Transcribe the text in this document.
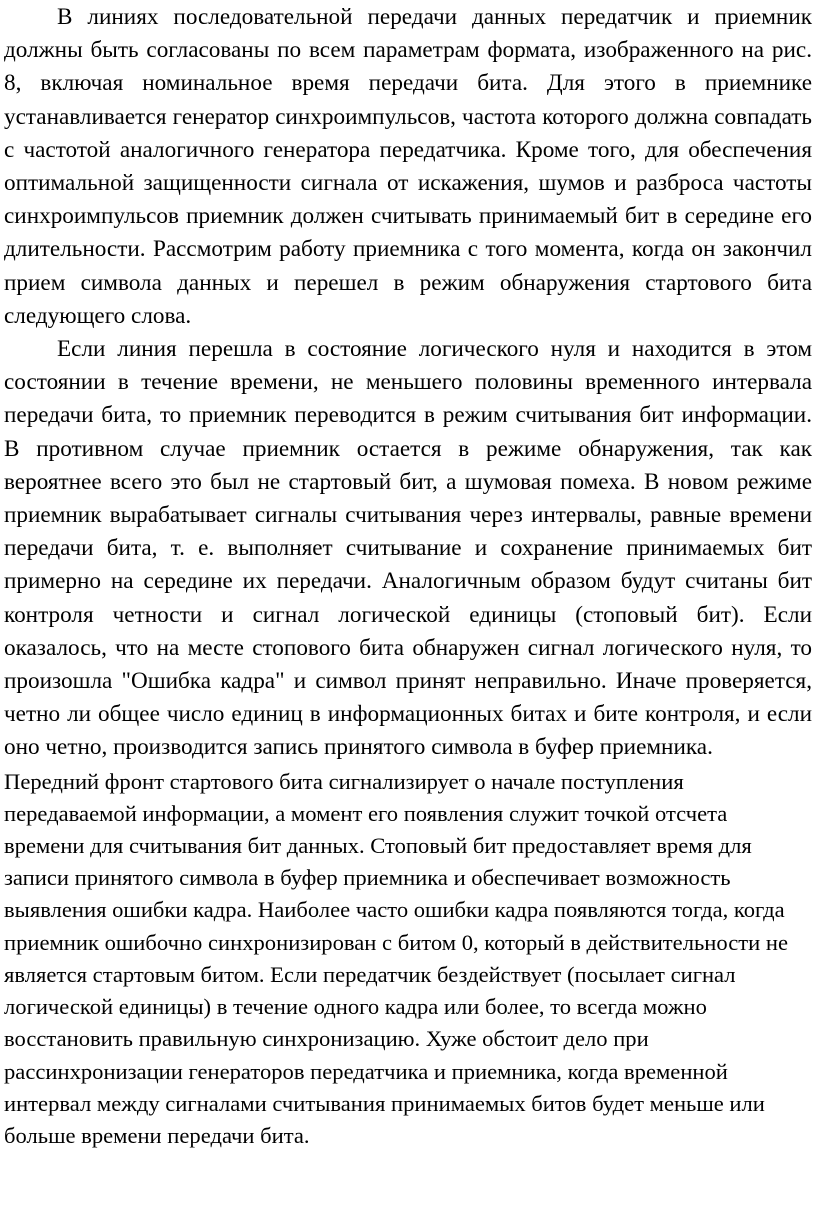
В линиях последовательной передачи данных передатчик и приемник должны быть согласованы по всем параметрам формата, изображенного на рис. 8, включая номинальное время передачи бита. Для этого в приемнике устанавливается генератор синхроимпульсов, частота которого должна совпадать с частотой аналогичного генератора передатчика. Кроме того, для обеспечения оптимальной защищенности сигнала от искажения, шумов и разброса частоты синхроимпульсов приемник должен считывать принимаемый бит в середине его длительности. Рассмотрим работу приемника с того момента, когда он закончил прием символа данных и перешел в режим обнаружения стартового бита следующего слова.

Если линия перешла в состояние логического нуля и находится в этом состоянии в течение времени, не меньшего половины временного интервала передачи бита, то приемник переводится в режим считывания бит информации. В противном случае приемник остается в режиме обнаружения, так как вероятнее всего это был не стартовый бит, а шумовая помеха. В новом режиме приемник вырабатывает сигналы считывания через интервалы, равные времени передачи бита, т. е. выполняет считывание и сохранение принимаемых бит примерно на середине их передачи. Аналогичным образом будут считаны бит контроля четности и сигнал логической единицы (стоповый бит). Если оказалось, что на месте стопового бита обнаружен сигнал логического нуля, то произошла "Ошибка кадра" и символ принят неправильно. Иначе проверяется, четно ли общее число единиц в информационных битах и бите контроля, и если оно четно, производится запись принятого символа в буфер приемника.

Передний фронт стартового бита сигнализирует о начале поступления передаваемой информации, а момент его появления служит точкой отсчета времени для считывания бит данных. Стоповый бит предоставляет время для записи принятого символа в буфер приемника и обеспечивает возможность выявления ошибки кадра. Наиболее часто ошибки кадра появляются тогда, когда приемник ошибочно синхронизирован с битом 0, который в действительности не является стартовым битом. Если передатчик бездействует (посылает сигнал логической единицы) в течение одного кадра или более, то всегда можно восстановить правильную синхронизацию. Хуже обстоит дело при рассинхронизации генераторов передатчика и приемника, когда временной интервал между сигналами считывания принимаемых битов будет меньше или больше времени передачи бита.
